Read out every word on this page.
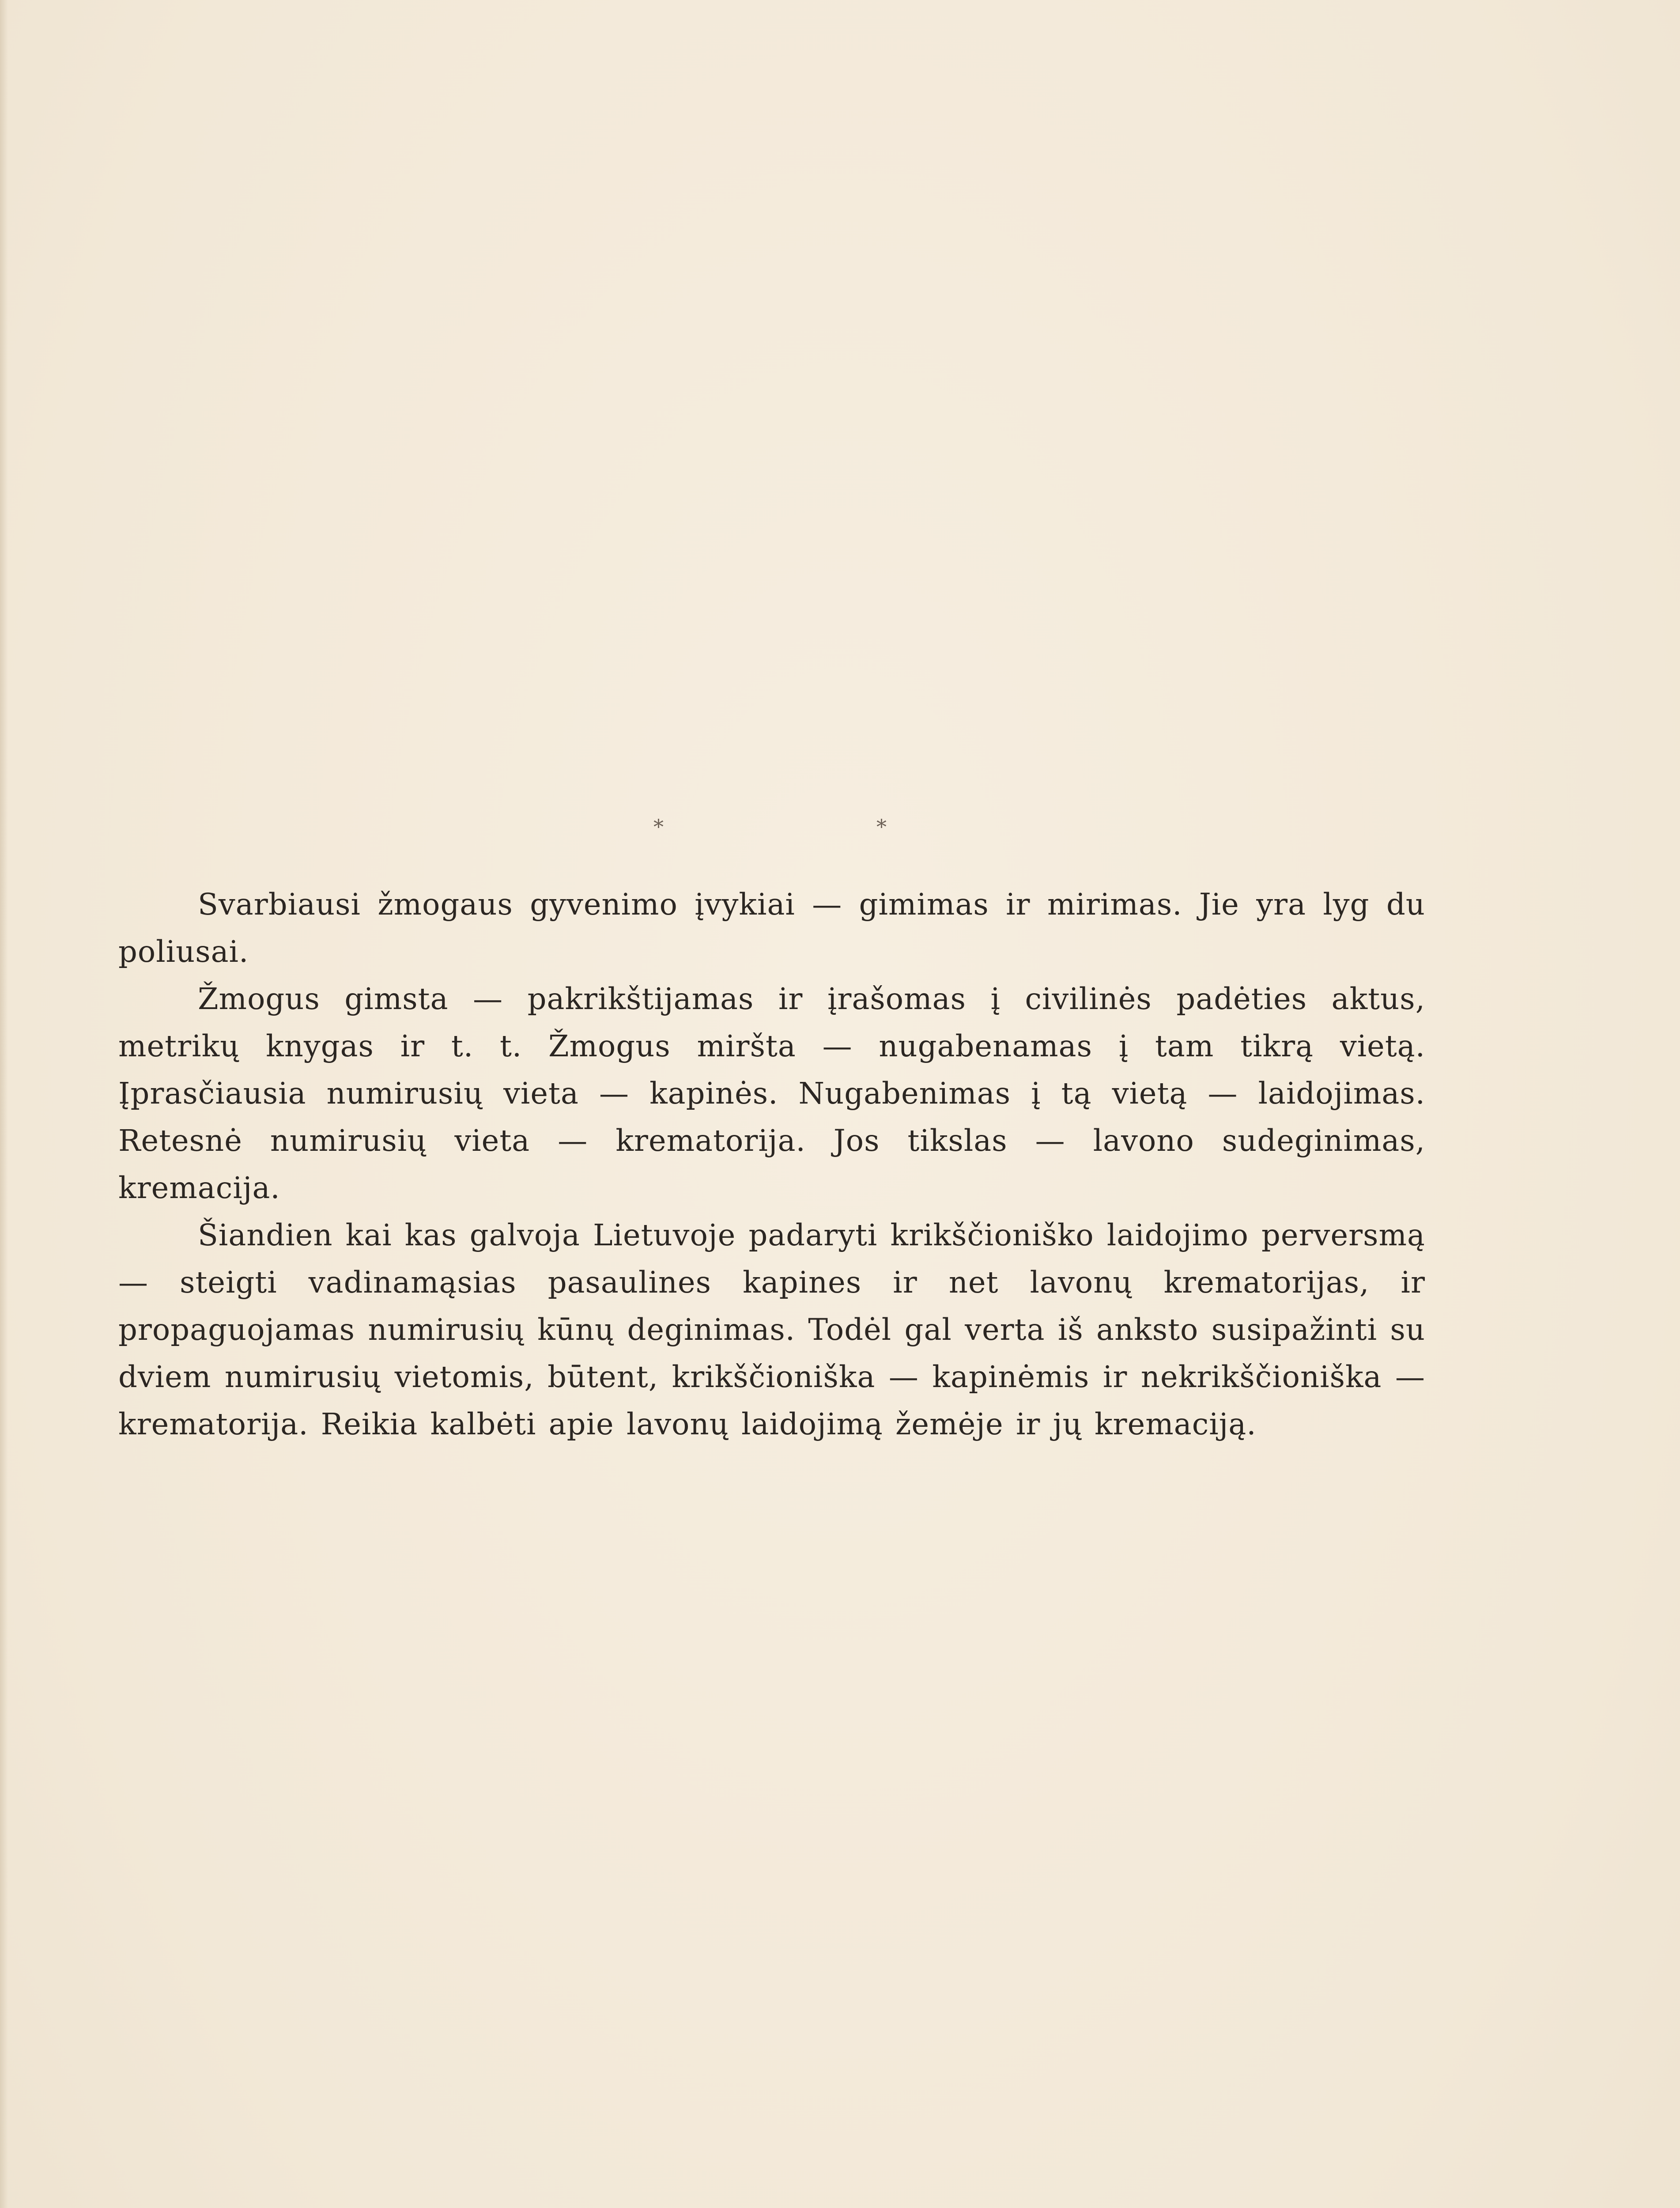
*	*

Svarbiausi žmogaus gyvenimo įvykiai — gimimas ir mirimas. Jie yra lyg du poliusai.

Žmogus gimsta — pakrikštijamas ir įrašomas į civilinės padėties aktus, metrikų knygas ir t. t. Žmogus miršta — nugabenamas į tam tikrą vietą. Įprasčiausia numirusių vieta — kapinės. Nugabenimas į tą vietą — laidojimas. Retesnė numirusių vieta — krematorija. Jos tikslas — lavono sudeginimas, kremacija.

Šiandien kai kas galvoja Lietuvoje padaryti krikščioniško laidojimo perversmą — steigti vadinamąsias pasaulines kapines ir net lavonų krematorijas, ir propaguojamas numirusių kūnų deginimas. Todėl gal verta iš anksto susipažinti su dviem numirusių vietomis, būtent, krikščioniška — kapinėmis ir nekrikščioniška — krematorija. Reikia kalbėti apie lavonų laidojimą žemėje ir jų kremaciją.
